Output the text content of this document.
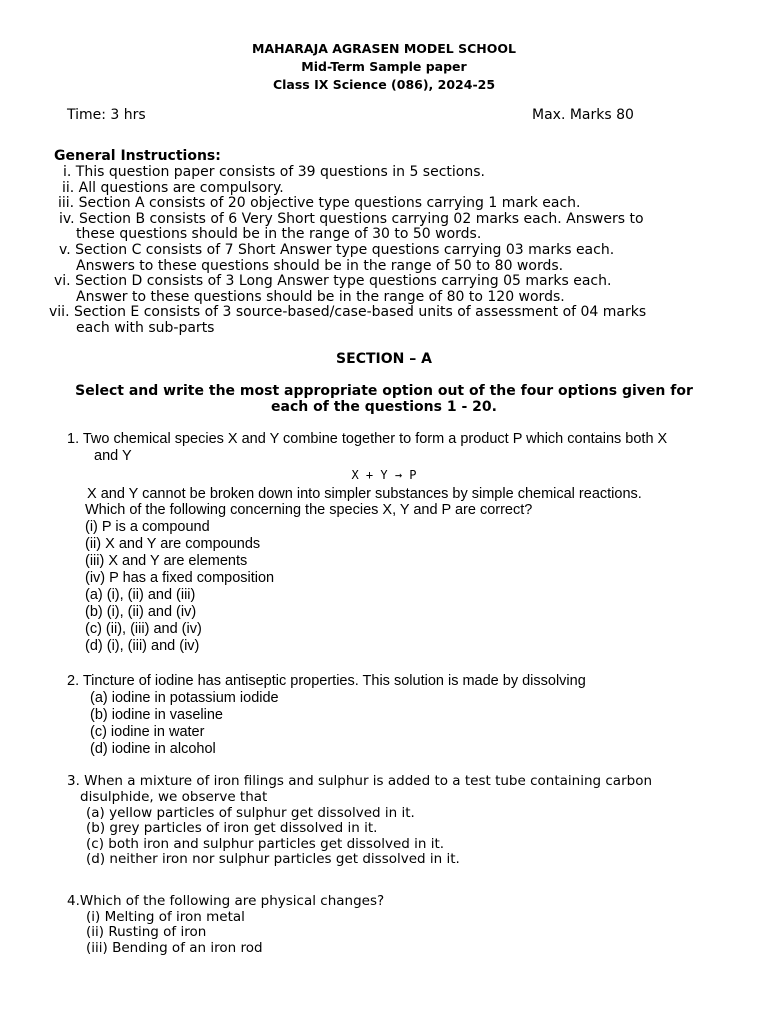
MAHARAJA AGRASEN MODEL SCHOOL
Mid-Term Sample paper
Class IX Science (086), 2024-25
Time: 3 hrs	Max. Marks 80
General Instructions:
i. This question paper consists of 39 questions in 5 sections.
ii. All questions are compulsory.
iii. Section A consists of 20 objective type questions carrying 1 mark each.
iv. Section B consists of 6 Very Short questions carrying 02 marks each. Answers to
these questions should be in the range of 30 to 50 words.
v. Section C consists of 7 Short Answer type questions carrying 03 marks each.
Answers to these questions should be in the range of 50 to 80 words.
vi. Section D consists of 3 Long Answer type questions carrying 05 marks each.
Answer to these questions should be in the range of 80 to 120 words.
vii. Section E consists of 3 source-based/case-based units of assessment of 04 marks
each with sub-parts
SECTION – A
Select and write the most appropriate option out of the four options given for
each of the questions 1 - 20.
1. Two chemical species X and Y combine together to form a product P which contains both X
and Y
X + Y → P
X and Y cannot be broken down into simpler substances by simple chemical reactions.
Which of the following concerning the species X, Y and P are correct?
(i) P is a compound
(ii) X and Y are compounds
(iii) X and Y are elements
(iv) P has a fixed composition
(a) (i), (ii) and (iii)
(b) (i), (ii) and (iv)
(c) (ii), (iii) and (iv)
(d) (i), (iii) and (iv)
2. Tincture of iodine has antiseptic properties. This solution is made by dissolving
(a) iodine in potassium iodide
(b) iodine in vaseline
(c) iodine in water
(d) iodine in alcohol
3. When a mixture of iron filings and sulphur is added to a test tube containing carbon
disulphide, we observe that
(a) yellow particles of sulphur get dissolved in it.
(b) grey particles of iron get dissolved in it.
(c) both iron and sulphur particles get dissolved in it.
(d) neither iron nor sulphur particles get dissolved in it.
4.Which of the following are physical changes?
(i) Melting of iron metal
(ii) Rusting of iron
(iii) Bending of an iron rod
